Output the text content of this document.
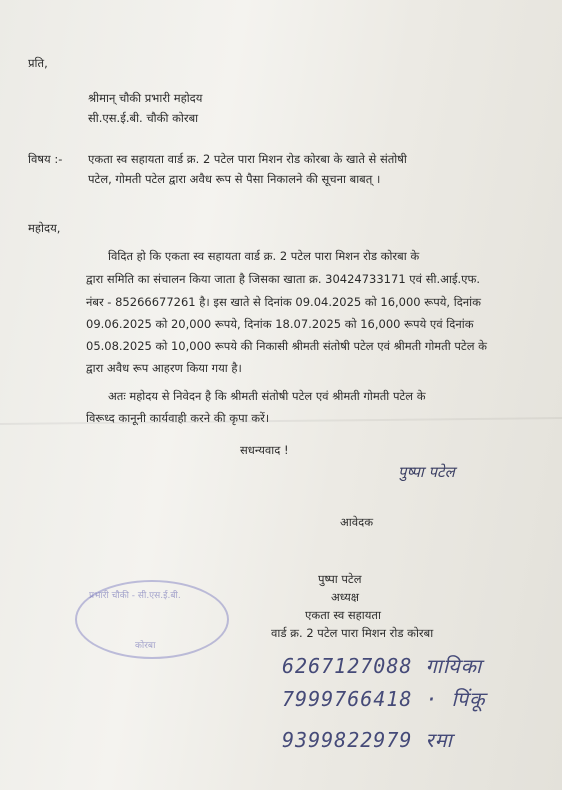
प्रति,
श्रीमान् चौकी प्रभारी महोदय
सी.एस.ई.बी. चौकी कोरबा
विषय :- एकता स्व सहायता वार्ड क्र. 2 पटेल पारा मिशन रोड कोरबा के खाते से संतोषी
पटेल, गोमती पटेल द्वारा अवैध रूप से पैसा निकालने की सूचना बाबत् ।
महोदय,
विदित हो कि एकता स्व सहायता वार्ड क्र. 2 पटेल पारा मिशन रोड कोरबा के
द्वारा समिति का संचालन किया जाता है जिसका खाता क्र. 30424733171 एवं सी.आई.एफ.
नंबर - 85266677261 है। इस खाते से दिनांक 09.04.2025 को 16,000 रूपये, दिनांक
09.06.2025 को 20,000 रूपये, दिनांक 18.07.2025 को 16,000 रूपये एवं दिनांक
05.08.2025 को 10,000 रूपये की निकासी श्रीमती संतोषी पटेल एवं श्रीमती गोमती पटेल के
द्वारा अवैध रूप आहरण किया गया है।
अतः महोदय से निवेदन है कि श्रीमती संतोषी पटेल एवं श्रीमती गोमती पटेल के
विरूध्द कानूनी कार्यवाही करने की कृपा करें।
सधन्यवाद !
पुष्पा पटेल
आवेदक
पुष्पा पटेल
अध्यक्ष
एकता स्व सहायता
वार्ड क्र. 2 पटेल पारा मिशन रोड कोरबा
प्रभारी चौकी - सी.एस.ई.बी.
कोरबा
6267127088 गायिका
7999766418 · पिंकू
9399822979 रमा
